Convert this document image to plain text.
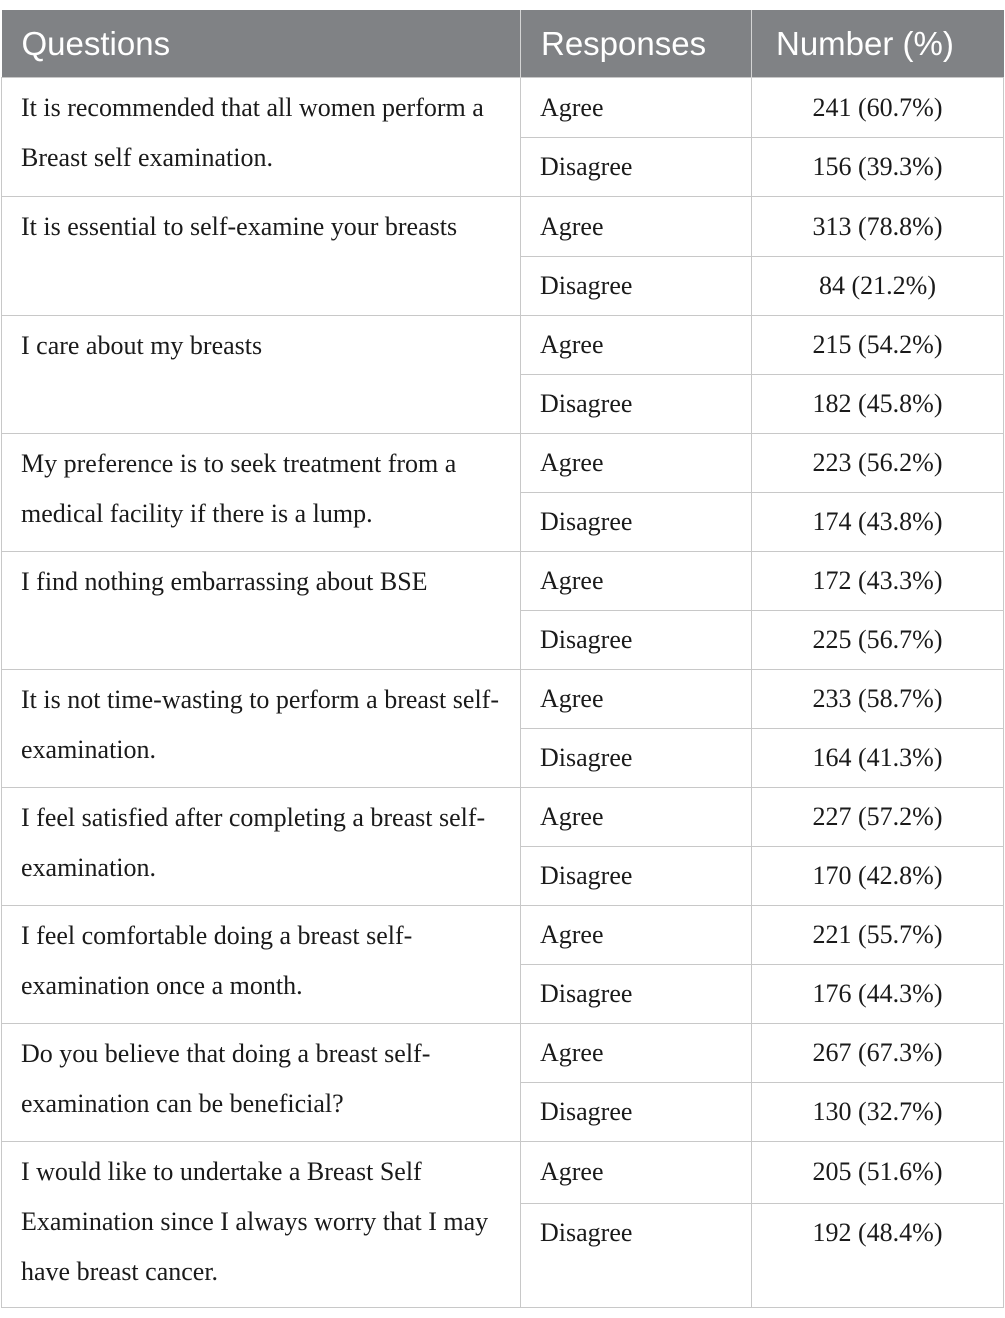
Questions	Responses	Number (%)

It is recommended that all women perform a Breast self examination.	Agree	241 (60.7%)
	Disagree	156 (39.3%)

It is essential to self-examine your breasts	Agree	313 (78.8%)
	Disagree	84 (21.2%)

I care about my breasts	Agree	215 (54.2%)
	Disagree	182 (45.8%)

My preference is to seek treatment from a medical facility if there is a lump.	Agree	223 (56.2%)
	Disagree	174 (43.8%)

I find nothing embarrassing about BSE	Agree	172 (43.3%)
	Disagree	225 (56.7%)

It is not time-wasting to perform a breast self-examination.	Agree	233 (58.7%)
	Disagree	164 (41.3%)

I feel satisfied after completing a breast self-examination.	Agree	227 (57.2%)
	Disagree	170 (42.8%)

I feel comfortable doing a breast self-examination once a month.	Agree	221 (55.7%)
	Disagree	176 (44.3%)

Do you believe that doing a breast self-examination can be beneficial?	Agree	267 (67.3%)
	Disagree	130 (32.7%)

I would like to undertake a Breast Self Examination since I always worry that I may have breast cancer.	Agree	205 (51.6%)
	Disagree	192 (48.4%)
